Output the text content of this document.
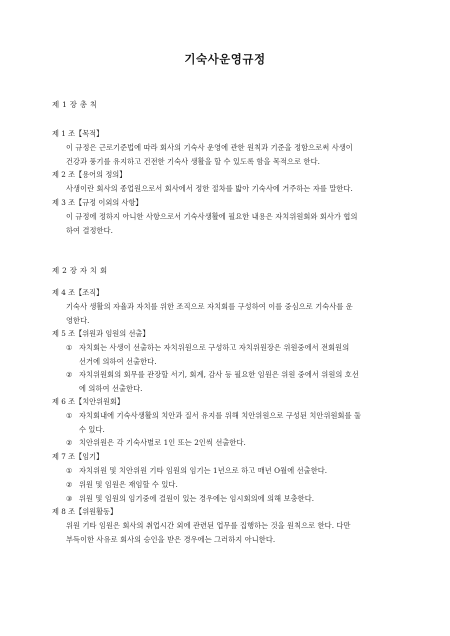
기숙사운영규정
제 1 장 총 칙
제 1 조【목적】
이 규정은 근로기준법에 따라 회사의 기숙사 운영에 관한 원칙과 기준을 정함으로써 사생이
건강과 풍기를 유지하고 건전한 기숙사 생활을 할 수 있도록 함을 목적으로 한다.
제 2 조【용어의 정의】
사생이란 회사의 종업원으로서 회사에서 정한 절차를 밟아 기숙사에 거주하는 자를 말한다.
제 3 조【규정 이외의 사항】
이 규정에 정하지 아니한 사항으로서 기숙사생활에 필요한 내용은 자치위원회와 회사가 협의
하여 결정한다.
제 2 장 자 치 회
제 4 조【조직】
기숙사 생활의 자율과 자치를 위한 조직으로 자치회를 구성하여 이를 중심으로 기숙사를 운
영한다.
제 5 조【위원과 임원의 선출】
① 자치회는 사생이 선출하는 자치위원으로 구성하고 자치위원장은 위원중에서 전회원의
선거에 의하여 선출한다.
② 자치위원회의 회무를 관장할 서기, 회계, 감사 등 필요한 임원은 위원 중에서 위원의 호선
에 의하여 선출한다.
제 6 조【치안위원회】
① 자치회내에 기숙사생활의 치안과 질서 유지를 위해 치안위원으로 구성된 치안위원회를 둘
수 있다.
② 치안위원은 각 기숙사별로 1인 또는 2인씩 선출한다.
제 7 조【임기】
① 자치위원 및 치안위원 기타 임원의 임기는 1년으로 하고 매년 O월에 선출한다.
② 위원 및 임원은 재임할 수 있다.
③ 위원 및 임원의 임기중에 결원이 있는 경우에는 임시회의에 의해 보충한다.
제 8 조【위원활동】
위원 기타 임원은 회사의 취업시간 외에 관련된 업무를 집행하는 것을 원칙으로 한다. 다만
부득이한 사유로 회사의 승인을 받은 경우에는 그러하지 아니한다.
